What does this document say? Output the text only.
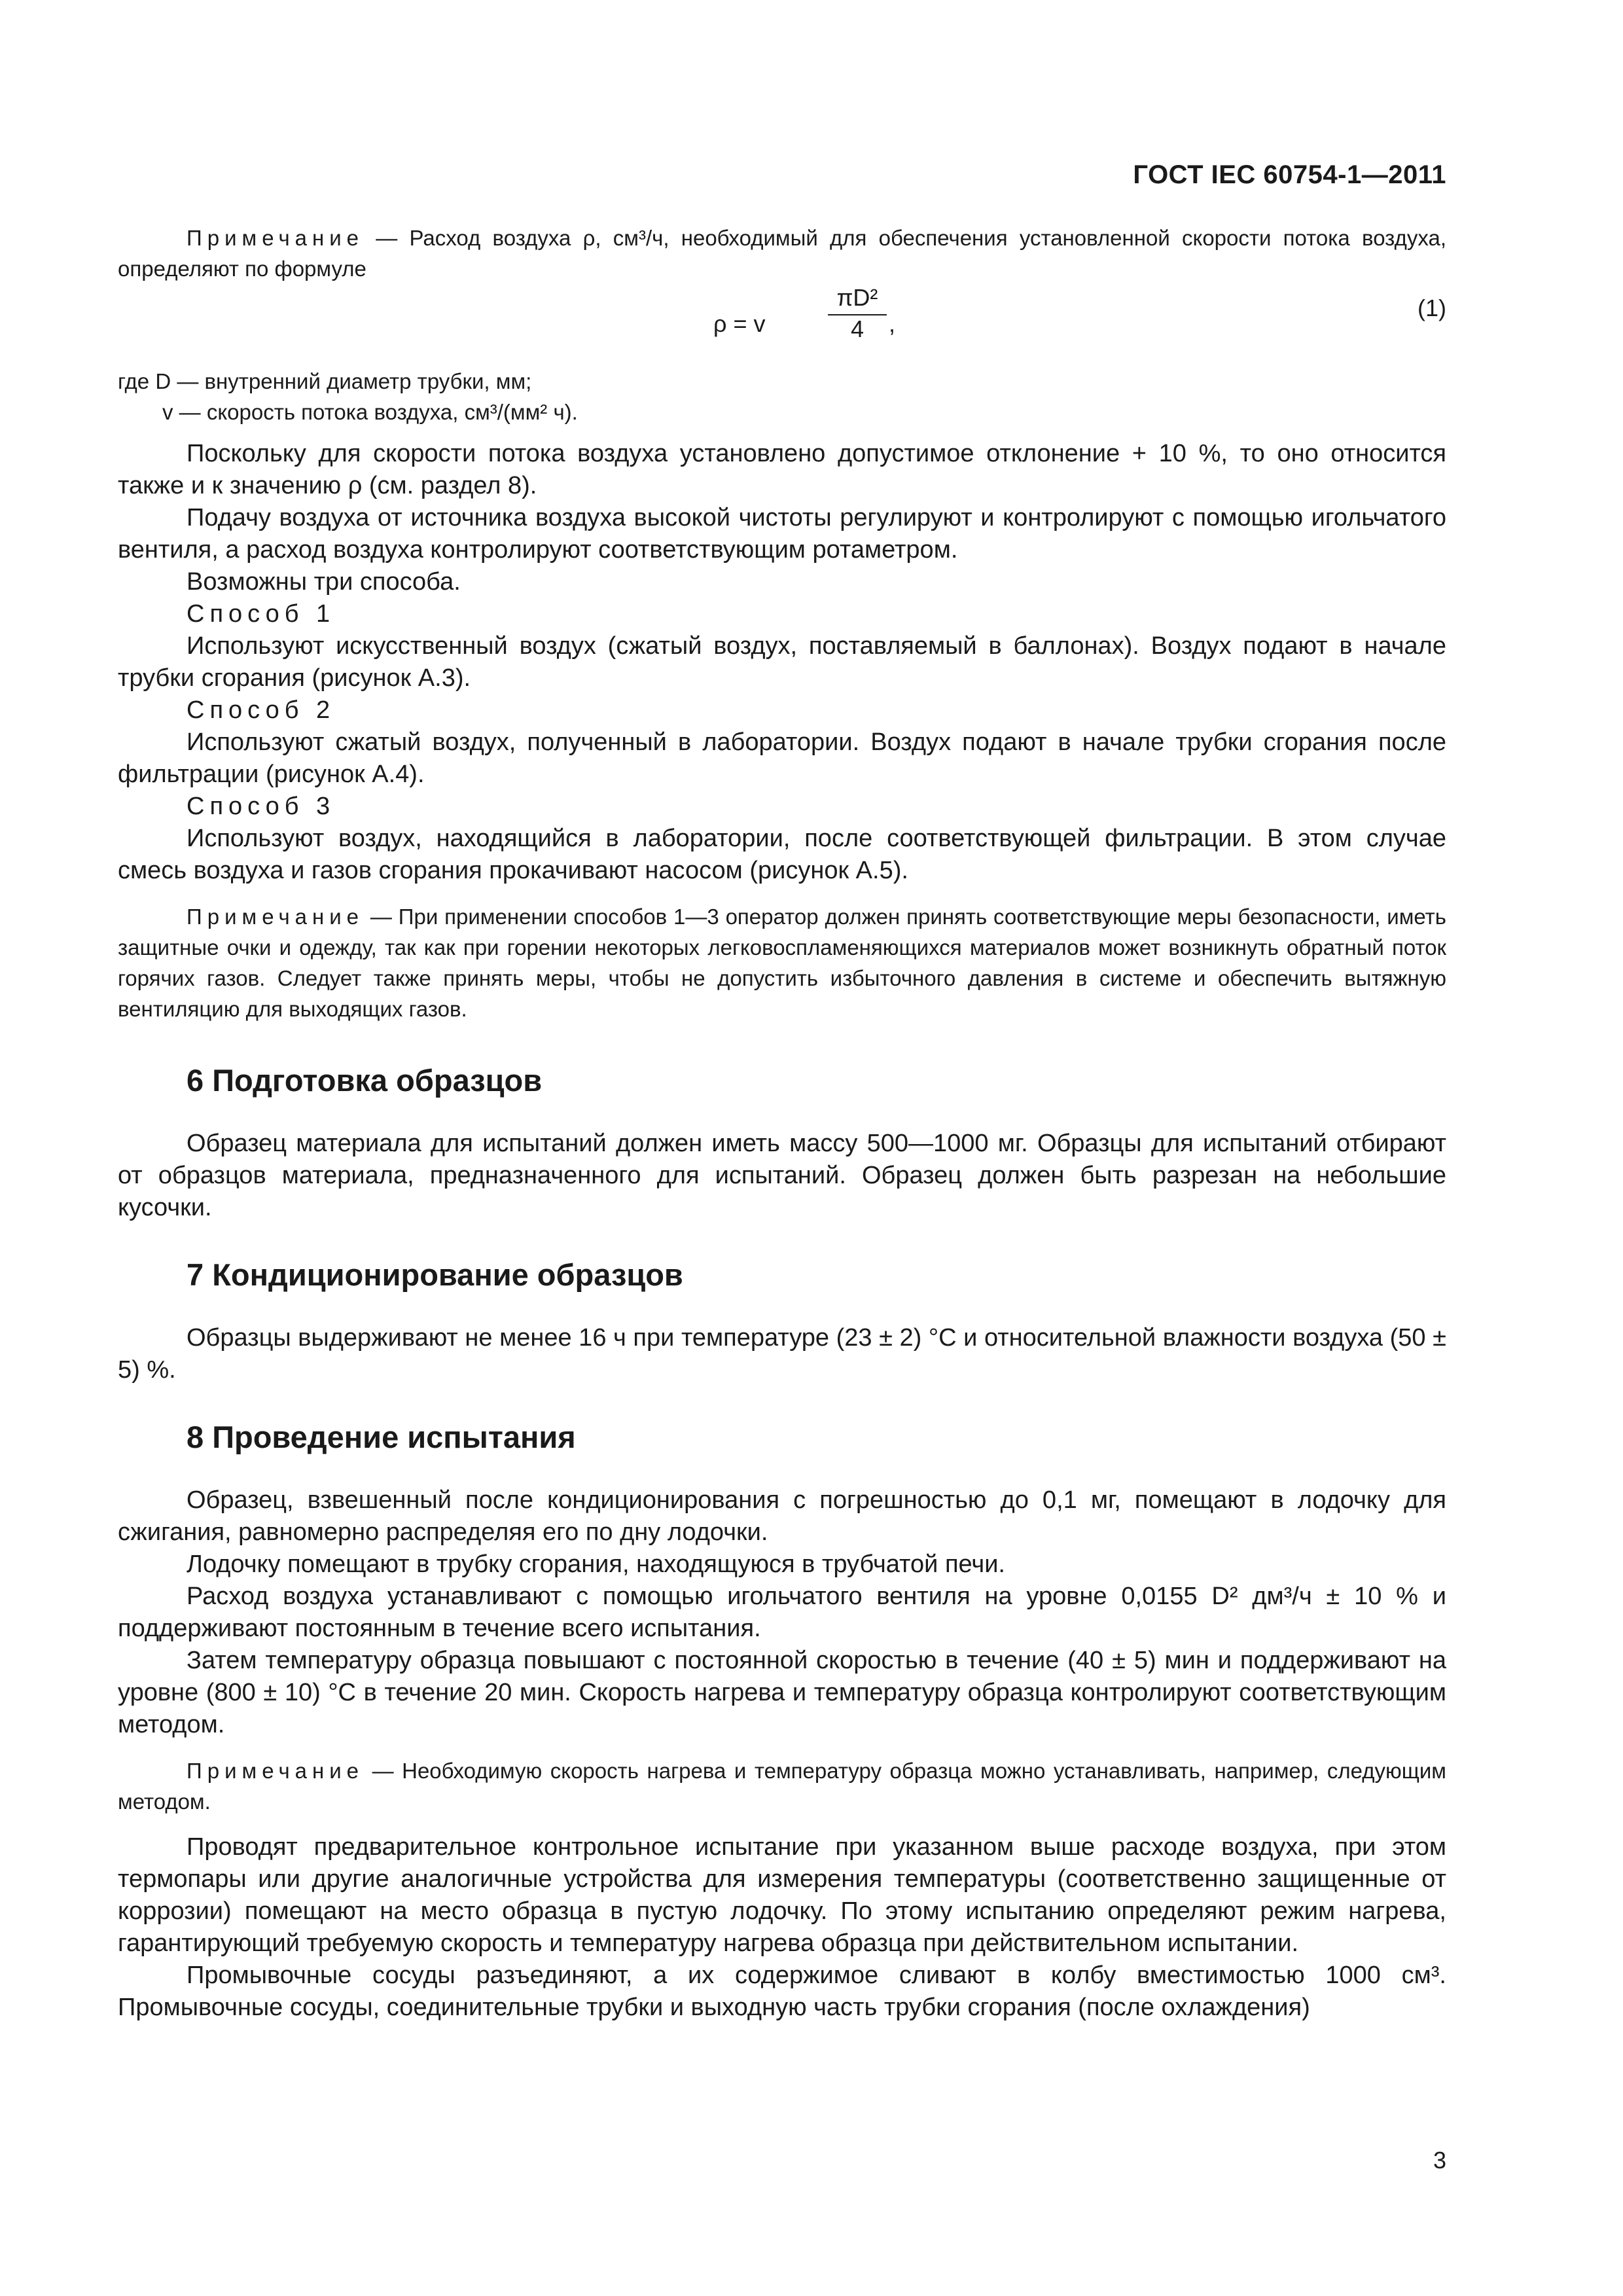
ГОСТ IEC 60754-1—2011

Примечание — Расход воздуха ρ, см³/ч, необходимый для обеспечения установленной скорости потока воздуха, определяют по формуле

ρ = v	$\frac{\text{πD²}}{4}$ ,
(1)

где D — внутренний диаметр трубки, мм;

v — скорость потока воздуха, см³/(мм² ч).

Поскольку для скорости потока воздуха установлено допустимое отклонение + 10 %, то оно относится также и к значению ρ (см. раздел 8).

Подачу воздуха от источника воздуха высокой чистоты регулируют и контролируют с помощью игольчатого вентиля, а расход воздуха контролируют соответствующим ротаметром.

Возможны три способа.

Способ 1

Используют искусственный воздух (сжатый воздух, поставляемый в баллонах). Воздух подают в начале трубки сгорания (рисунок А.3).

Способ 2

Используют сжатый воздух, полученный в лаборатории. Воздух подают в начале трубки сгорания после фильтрации (рисунок А.4).

Способ 3

Используют воздух, находящийся в лаборатории, после соответствующей фильтрации. В этом случае смесь воздуха и газов сгорания прокачивают насосом (рисунок А.5).

Примечание — При применении способов 1—3 оператор должен принять соответствующие меры безопасности, иметь защитные очки и одежду, так как при горении некоторых легковоспламеняющихся материалов может возникнуть обратный поток горячих газов. Следует также принять меры, чтобы не допустить избыточного давления в системе и обеспечить вытяжную вентиляцию для выходящих газов.

6 Подготовка образцов

Образец материала для испытаний должен иметь массу 500—1000 мг. Образцы для испытаний отбирают от образцов материала, предназначенного для испытаний. Образец должен быть разрезан на небольшие кусочки.

7 Кондиционирование образцов

Образцы выдерживают не менее 16 ч при температуре (23 ± 2) °С и относительной влажности воздуха (50 ± 5) %.

8 Проведение испытания

Образец, взвешенный после кондиционирования с погрешностью до 0,1 мг, помещают в лодочку для сжигания, равномерно распределяя его по дну лодочки.

Лодочку помещают в трубку сгорания, находящуюся в трубчатой печи.

Расход воздуха устанавливают с помощью игольчатого вентиля на уровне 0,0155 D² дм³/ч ± 10 % и поддерживают постоянным в течение всего испытания.

Затем температуру образца повышают с постоянной скоростью в течение (40 ± 5) мин и поддерживают на уровне (800 ± 10) °С в течение 20 мин. Скорость нагрева и температуру образца контролируют соответствующим методом.

Примечание — Необходимую скорость нагрева и температуру образца можно устанавливать, например, следующим методом.

Проводят предварительное контрольное испытание при указанном выше расходе воздуха, при этом термопары или другие аналогичные устройства для измерения температуры (соответственно защищенные от коррозии) помещают на место образца в пустую лодочку. По этому испытанию определяют режим нагрева, гарантирующий требуемую скорость и температуру нагрева образца при действительном испытании.

Промывочные сосуды разъединяют, а их содержимое сливают в колбу вместимостью 1000 см³. Промывочные сосуды, соединительные трубки и выходную часть трубки сгорания (после охлаждения)

3
